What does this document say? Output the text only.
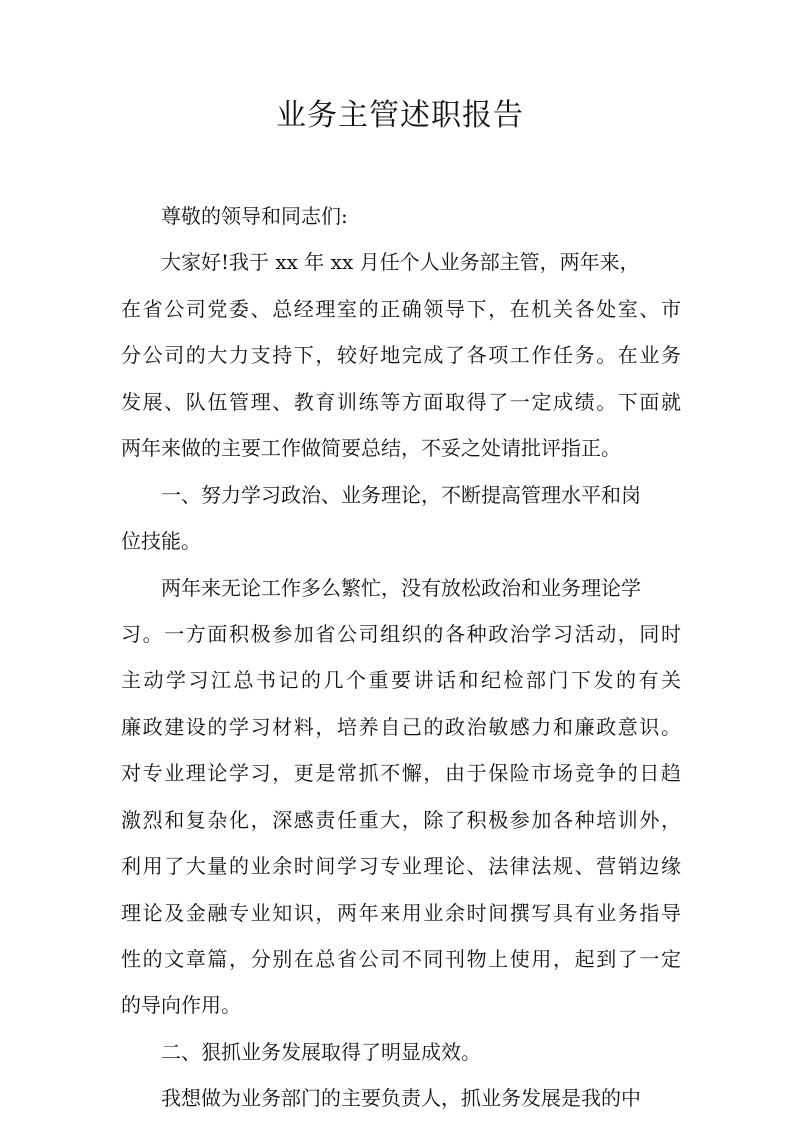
业务主管述职报告
尊敬的领导和同志们:
大家好!我于 xx 年 xx 月任个人业务部主管，两年来，
在省公司党委、总经理室的正确领导下，在机关各处室、市
分公司的大力支持下，较好地完成了各项工作任务。在业务
发展、队伍管理、教育训练等方面取得了一定成绩。下面就
两年来做的主要工作做简要总结，不妥之处请批评指正。
一、努力学习政治、业务理论，不断提高管理水平和岗
位技能。
两年来无论工作多么繁忙，没有放松政治和业务理论学
习。一方面积极参加省公司组织的各种政治学习活动，同时
主动学习江总书记的几个重要讲话和纪检部门下发的有关
廉政建设的学习材料，培养自己的政治敏感力和廉政意识。
对专业理论学习，更是常抓不懈，由于保险市场竞争的日趋
激烈和复杂化，深感责任重大，除了积极参加各种培训外，
利用了大量的业余时间学习专业理论、法律法规、营销边缘
理论及金融专业知识，两年来用业余时间撰写具有业务指导
性的文章篇，分别在总省公司不同刊物上使用，起到了一定
的导向作用。
二、狠抓业务发展取得了明显成效。
我想做为业务部门的主要负责人，抓业务发展是我的中
